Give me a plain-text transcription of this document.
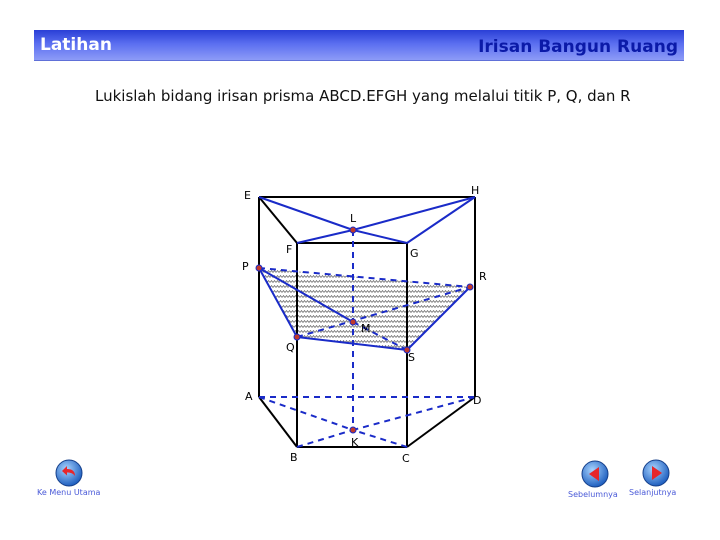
Latihan	Irisan Bangun Ruang
Lukislah bidang irisan prisma ABCD.EFGH yang melalui titik P, Q, dan R
E	H
L
F	G
P
R
M
Q
S
A	D
K
B	C
Ke Menu Utama	Sebelumnya Selanjutnya
